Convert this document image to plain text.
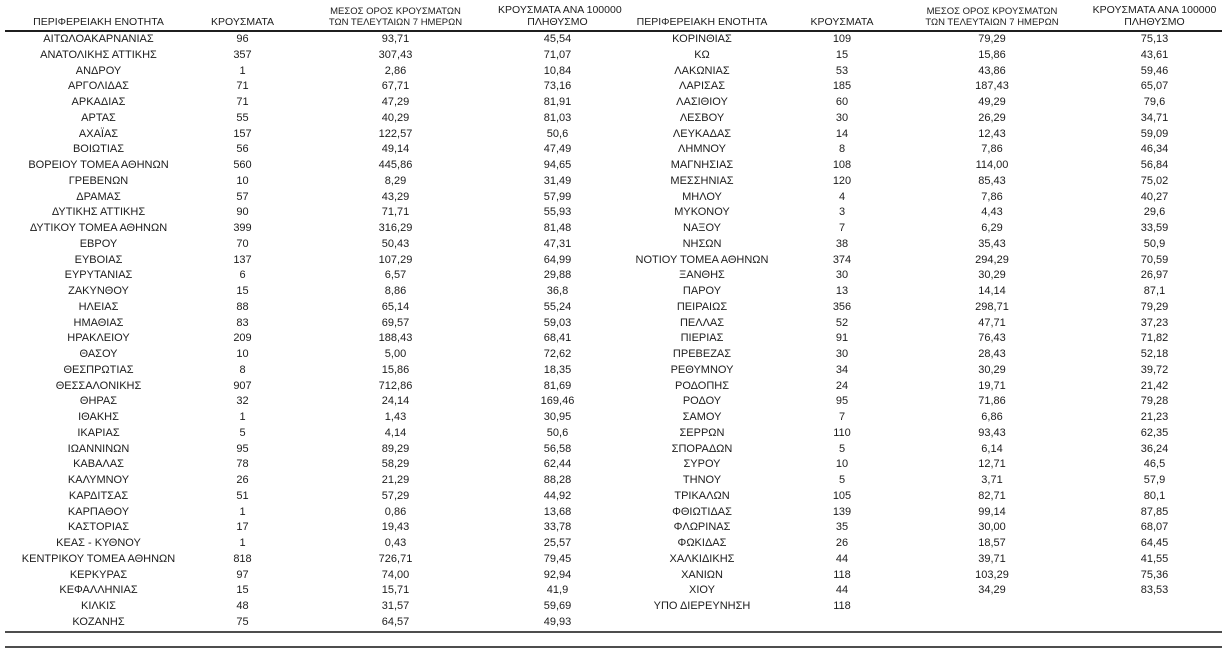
ΠΕΡΙΦΕΡΕΙΑΚΗ ΕΝΟΤΗΤΑ	ΚΡΟΥΣΜΑΤΑ
ΜΕΣΟΣ ΟΡΟΣ ΚΡΟΥΣΜΑΤΩΝ
ΤΩΝ ΤΕΛΕΥΤΑΙΩΝ 7 ΗΜΕΡΩΝ
ΚΡΟΥΣΜΑΤΑ ΑΝΑ 100000
ΠΛΗΘΥΣΜΟ
ΑΙΤΩΛΟΑΚΑΡΝΑΝΙΑΣ	96	93,71	45,54
ΑΝΑΤΟΛΙΚΗΣ ΑΤΤΙΚΗΣ	357	307,43	71,07
ΑΝΔΡΟΥ	1	2,86	10,84
ΑΡΓΟΛΙΔΑΣ	71	67,71	73,16
ΑΡΚΑΔΙΑΣ	71	47,29	81,91
ΑΡΤΑΣ	55	40,29	81,03
ΑΧΑΪΑΣ	157	122,57	50,6
ΒΟΙΩΤΙΑΣ	56	49,14	47,49
ΒΟΡΕΙΟΥ ΤΟΜΕΑ ΑΘΗΝΩΝ	560	445,86	94,65
ΓΡΕΒΕΝΩΝ	10	8,29	31,49
ΔΡΑΜΑΣ	57	43,29	57,99
ΔΥΤΙΚΗΣ ΑΤΤΙΚΗΣ	90	71,71	55,93
ΔΥΤΙΚΟΥ ΤΟΜΕΑ ΑΘΗΝΩΝ	399	316,29	81,48
ΕΒΡΟΥ	70	50,43	47,31
ΕΥΒΟΙΑΣ	137	107,29	64,99
ΕΥΡΥΤΑΝΙΑΣ	6	6,57	29,88
ΖΑΚΥΝΘΟΥ	15	8,86	36,8
ΗΛΕΙΑΣ	88	65,14	55,24
ΗΜΑΘΙΑΣ	83	69,57	59,03
ΗΡΑΚΛΕΙΟΥ	209	188,43	68,41
ΘΑΣΟΥ	10	5,00	72,62
ΘΕΣΠΡΩΤΙΑΣ	8	15,86	18,35
ΘΕΣΣΑΛΟΝΙΚΗΣ	907	712,86	81,69
ΘΗΡΑΣ	32	24,14	169,46
ΙΘΑΚΗΣ	1	1,43	30,95
ΙΚΑΡΙΑΣ	5	4,14	50,6
ΙΩΑΝΝΙΝΩΝ	95	89,29	56,58
ΚΑΒΑΛΑΣ	78	58,29	62,44
ΚΑΛΥΜΝΟΥ	26	21,29	88,28
ΚΑΡΔΙΤΣΑΣ	51	57,29	44,92
ΚΑΡΠΑΘΟΥ	1	0,86	13,68
ΚΑΣΤΟΡΙΑΣ	17	19,43	33,78
ΚΕΑΣ - ΚΥΘΝΟΥ	1	0,43	25,57
ΚΕΝΤΡΙΚΟΥ ΤΟΜΕΑ ΑΘΗΝΩΝ	818	726,71	79,45
ΚΕΡΚΥΡΑΣ	97	74,00	92,94
ΚΕΦΑΛΛΗΝΙΑΣ	15	15,71	41,9
ΚΙΛΚΙΣ	48	31,57	59,69
ΚΟΖΑΝΗΣ	75	64,57	49,93
ΠΕΡΙΦΕΡΕΙΑΚΗ ΕΝΟΤΗΤΑ	ΚΡΟΥΣΜΑΤΑ
ΜΕΣΟΣ ΟΡΟΣ ΚΡΟΥΣΜΑΤΩΝ
ΤΩΝ ΤΕΛΕΥΤΑΙΩΝ 7 ΗΜΕΡΩΝ
ΚΡΟΥΣΜΑΤΑ ΑΝΑ 100000
ΠΛΗΘΥΣΜΟ
ΚΟΡΙΝΘΙΑΣ	109	79,29	75,13
ΚΩ	15	15,86	43,61
ΛΑΚΩΝΙΑΣ	53	43,86	59,46
ΛΑΡΙΣΑΣ	185	187,43	65,07
ΛΑΣΙΘΙΟΥ	60	49,29	79,6
ΛΕΣΒΟΥ	30	26,29	34,71
ΛΕΥΚΑΔΑΣ	14	12,43	59,09
ΛΗΜΝΟΥ	8	7,86	46,34
ΜΑΓΝΗΣΙΑΣ	108	114,00	56,84
ΜΕΣΣΗΝΙΑΣ	120	85,43	75,02
ΜΗΛΟΥ	4	7,86	40,27
ΜΥΚΟΝΟΥ	3	4,43	29,6
ΝΑΞΟΥ	7	6,29	33,59
ΝΗΣΩΝ	38	35,43	50,9
ΝΟΤΙΟΥ ΤΟΜΕΑ ΑΘΗΝΩΝ	374	294,29	70,59
ΞΑΝΘΗΣ	30	30,29	26,97
ΠΑΡΟΥ	13	14,14	87,1
ΠΕΙΡΑΙΩΣ	356	298,71	79,29
ΠΕΛΛΑΣ	52	47,71	37,23
ΠΙΕΡΙΑΣ	91	76,43	71,82
ΠΡΕΒΕΖΑΣ	30	28,43	52,18
ΡΕΘΥΜΝΟΥ	34	30,29	39,72
ΡΟΔΟΠΗΣ	24	19,71	21,42
ΡΟΔΟΥ	95	71,86	79,28
ΣΑΜΟΥ	7	6,86	21,23
ΣΕΡΡΩΝ	110	93,43	62,35
ΣΠΟΡΑΔΩΝ	5	6,14	36,24
ΣΥΡΟΥ	10	12,71	46,5
ΤΗΝΟΥ	5	3,71	57,9
ΤΡΙΚΑΛΩΝ	105	82,71	80,1
ΦΘΙΩΤΙΔΑΣ	139	99,14	87,85
ΦΛΩΡΙΝΑΣ	35	30,00	68,07
ΦΩΚΙΔΑΣ	26	18,57	64,45
ΧΑΛΚΙΔΙΚΗΣ	44	39,71	41,55
ΧΑΝΙΩΝ	118	103,29	75,36
ΧΙΟΥ	44	34,29	83,53
ΥΠΟ ΔΙΕΡΕΥΝΗΣΗ	118
